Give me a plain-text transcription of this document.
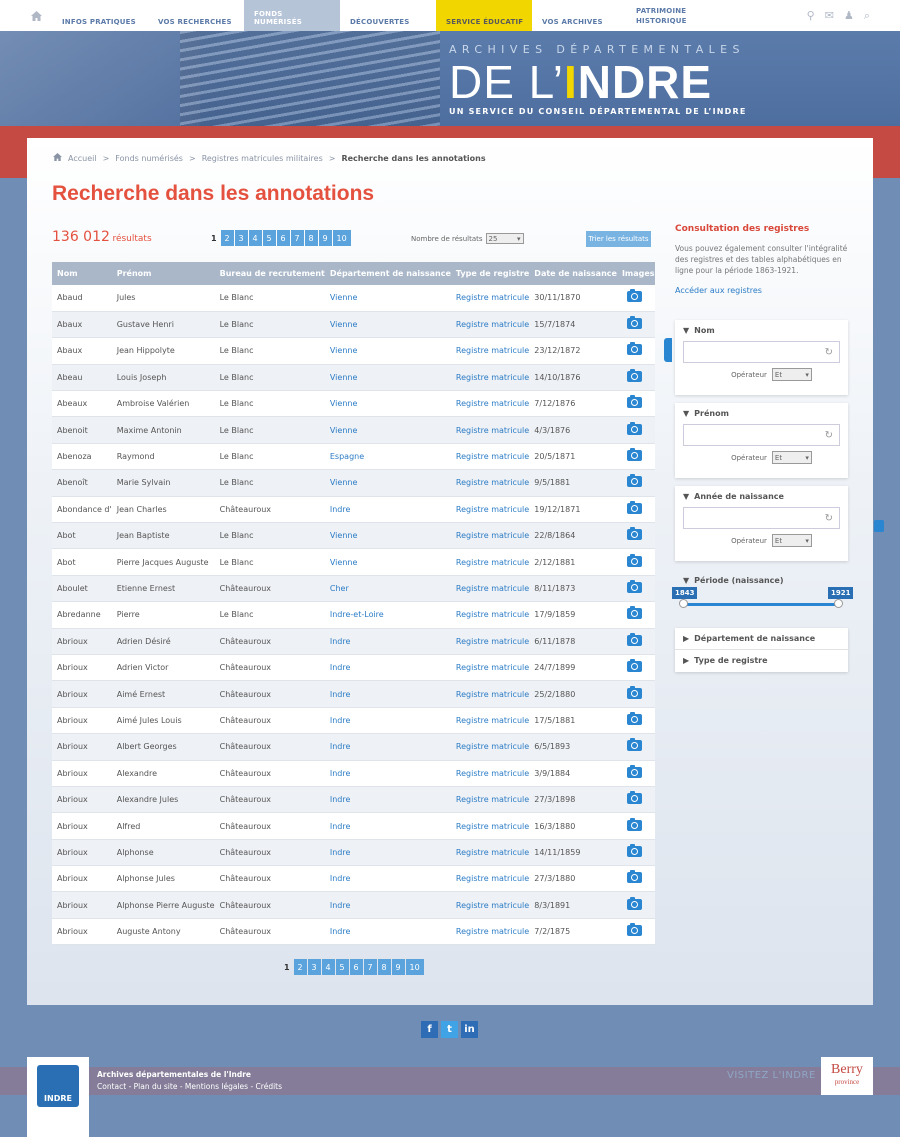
INFOS PRATIQUES	VOS RECHERCHES
FONDS NUMÉRISÉS	DÉCOUVERTES	SERVICE ÉDUCATIF	VOS ARCHIVES
PATRIMOINE HISTORIQUE	⚲ ✉ ♟ ⌕
ARCHIVES DÉPARTEMENTALES
DE L’INDRE
UN SERVICE DU CONSEIL DÉPARTEMENTAL DE L’INDRE
Accueil > Fonds numérisés > Registres matricules militaires > Recherche dans les annotations
Recherche dans les annotations
136 012 résultats	1 2	3	4	5	6	7	8	9	10	Nombre de résultats 25	▾	Trier les résultats
Nom	Prénom	Bureau de recrutement	Département de naissance	Type de registre	Date de naissance	Images
Abaud	Jules	Le Blanc	Vienne	Registre matricule	30/11/1870	
Abaux	Gustave Henri	Le Blanc	Vienne	Registre matricule	15/7/1874	
Abaux	Jean Hippolyte	Le Blanc	Vienne	Registre matricule	23/12/1872	
Abeau	Louis Joseph	Le Blanc	Vienne	Registre matricule	14/10/1876	
Abeaux	Ambroise Valérien	Le Blanc	Vienne	Registre matricule	7/12/1876	
Abenoit	Maxime Antonin	Le Blanc	Vienne	Registre matricule	4/3/1876	
Abenoza	Raymond	Le Blanc	Espagne	Registre matricule	20/5/1871	
Abenoît	Marie Sylvain	Le Blanc	Vienne	Registre matricule	9/5/1881	
Abondance d'	Jean Charles	Châteauroux	Indre	Registre matricule	19/12/1871	
Abot	Jean Baptiste	Le Blanc	Vienne	Registre matricule	22/8/1864	
Abot	Pierre Jacques Auguste	Le Blanc	Vienne	Registre matricule	2/12/1881	
Aboulet	Etienne Ernest	Châteauroux	Cher	Registre matricule	8/11/1873	
Abredanne	Pierre	Le Blanc	Indre-et-Loire	Registre matricule	17/9/1859	
Abrioux	Adrien Désiré	Châteauroux	Indre	Registre matricule	6/11/1878	
Abrioux	Adrien Victor	Châteauroux	Indre	Registre matricule	24/7/1899	
Abrioux	Aimé Ernest	Châteauroux	Indre	Registre matricule	25/2/1880	
Abrioux	Aimé Jules Louis	Châteauroux	Indre	Registre matricule	17/5/1881	
Abrioux	Albert Georges	Châteauroux	Indre	Registre matricule	6/5/1893	
Abrioux	Alexandre	Châteauroux	Indre	Registre matricule	3/9/1884	
Abrioux	Alexandre Jules	Châteauroux	Indre	Registre matricule	27/3/1898	
Abrioux	Alfred	Châteauroux	Indre	Registre matricule	16/3/1880	
Abrioux	Alphonse	Châteauroux	Indre	Registre matricule	14/11/1859	
Abrioux	Alphonse Jules	Châteauroux	Indre	Registre matricule	27/3/1880	
Abrioux	Alphonse Pierre Auguste	Châteauroux	Indre	Registre matricule	8/3/1891	
Abrioux	Auguste Antony	Châteauroux	Indre	Registre matricule	7/2/1875	
1 2	3	4	5	6	7	8	9	10
Consultation des registres

Vous pouvez également consulter l'intégralité des registres et des tables alphabétiques en ligne pour la période 1863-1921.

Accéder aux registres

▼ Nom
↻
Opérateur Et	▾
▼ Prénom
↻
Opérateur Et	▾
▼ Année de naissance
↻
Opérateur Et	▾
▼ Période (naissance)
1843	1921
▶ Département de naissance
▶ Type de registre
f	t	in
INDRE
Archives départementales de l'Indre
Contact - Plan du site - Mentions légales - Crédits
VISITEZ L'INDRE Berry
province
